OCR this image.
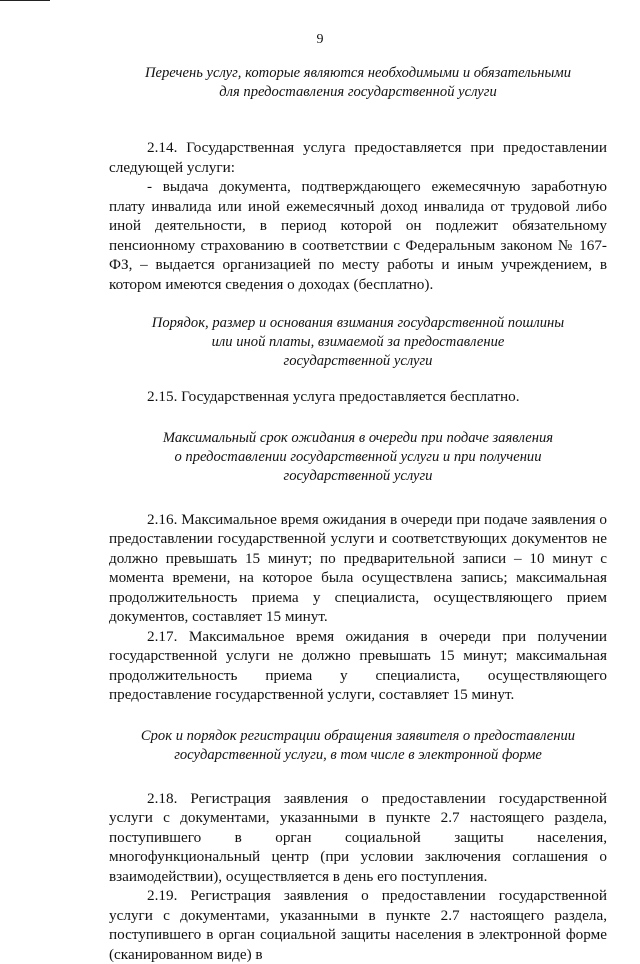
9

Перечень услуг, которые являются необходимыми и обязательными
для предоставления государственной услуги

2.14. Государственная услуга предоставляется при предоставлении следующей услуги:

- выдача документа, подтверждающего ежемесячную заработную плату инвалида или иной ежемесячный доход инвалида от трудовой либо иной деятельности, в период которой он подлежит обязательному пенсионному страхованию в соответствии с Федеральным законом № 167-ФЗ, – выдается организацией по месту работы и иным учреждением, в котором имеются сведения о доходах (бесплатно).

Порядок, размер и основания взимания государственной пошлины
или иной платы, взимаемой за предоставление
государственной услуги

2.15. Государственная услуга предоставляется бесплатно.

Максимальный срок ожидания в очереди при подаче заявления
о предоставлении государственной услуги и при получении
государственной услуги

2.16. Максимальное время ожидания в очереди при подаче заявления о предоставлении государственной услуги и соответствующих документов не должно превышать 15 минут; по предварительной записи – 10 минут с момента времени, на которое была осуществлена запись; максимальная продолжительность приема у специалиста, осуществляющего прием документов, составляет 15 минут.

2.17. Максимальное время ожидания в очереди при получении государственной услуги не должно превышать 15 минут; максимальная продолжительность приема у специалиста, осуществляющего предоставление государственной услуги, составляет 15 минут.

Срок и порядок регистрации обращения заявителя о предоставлении
государственной услуги, в том числе в электронной форме

2.18. Регистрация заявления о предоставлении государственной услуги с документами, указанными в пункте 2.7 настоящего раздела, поступившего в орган социальной защиты населения, многофункциональный центр (при условии заключения соглашения о взаимодействии), осуществляется в день его поступления.

2.19. Регистрация заявления о предоставлении государственной услуги с документами, указанными в пункте 2.7 настоящего раздела, поступившего в орган социальной защиты населения в электронной форме (сканированном виде) в
